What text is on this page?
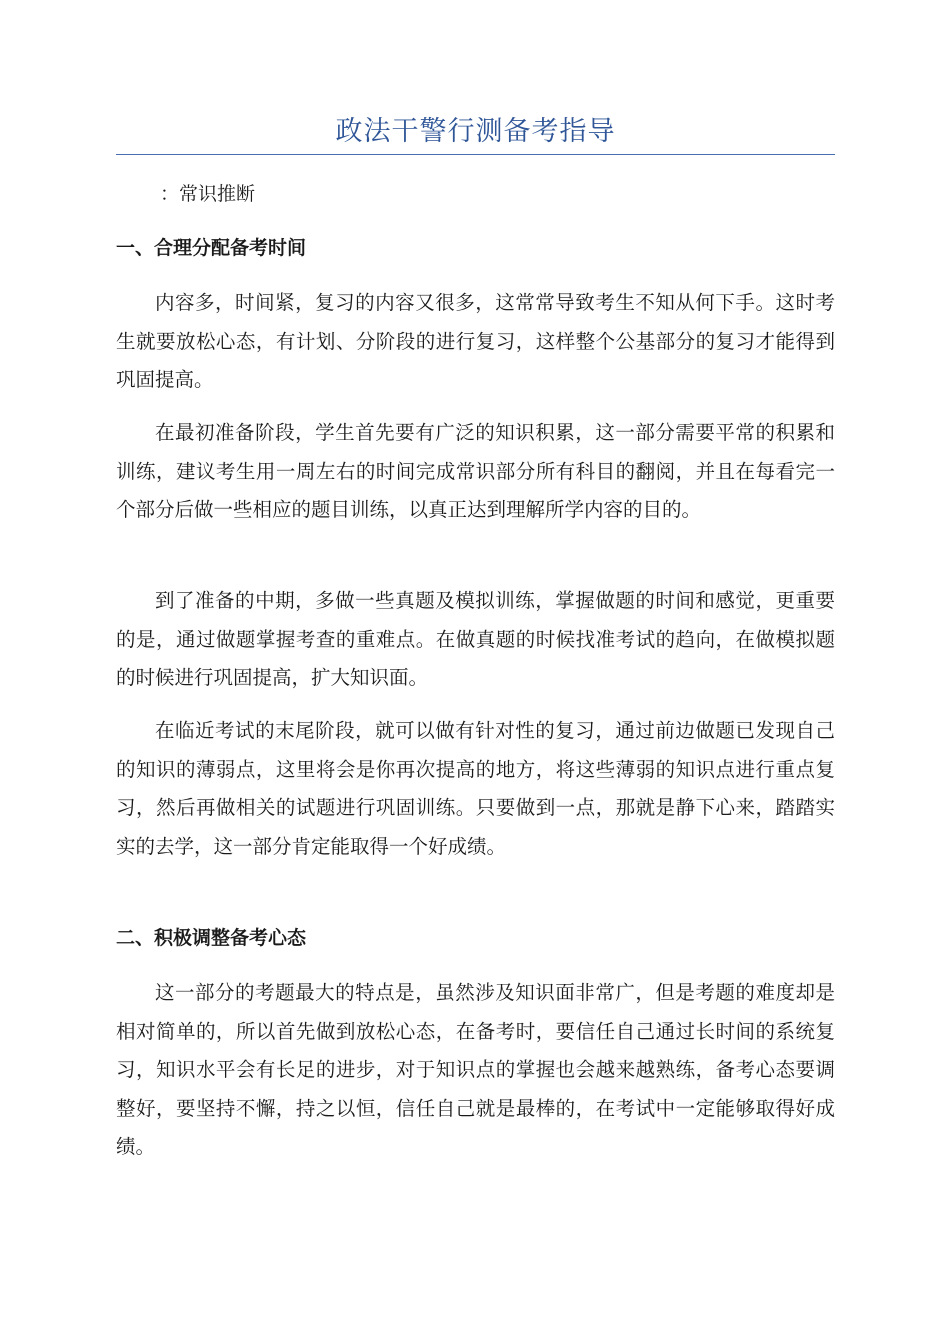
政法干警行测备考指导
：常识推断
一、合理分配备考时间

内容多，时间紧，复习的内容又很多，这常常导致考生不知从何下手。这时考生就要放松心态，有计划、分阶段的进行复习，这样整个公基部分的复习才能得到巩固提高。

在最初准备阶段，学生首先要有广泛的知识积累，这一部分需要平常的积累和训练，建议考生用一周左右的时间完成常识部分所有科目的翻阅，并且在每看完一个部分后做一些相应的题目训练，以真正达到理解所学内容的目的。

到了准备的中期，多做一些真题及模拟训练，掌握做题的时间和感觉，更重要的是，通过做题掌握考查的重难点。在做真题的时候找准考试的趋向，在做模拟题的时候进行巩固提高，扩大知识面。

在临近考试的末尾阶段，就可以做有针对性的复习，通过前边做题已发现自己的知识的薄弱点，这里将会是你再次提高的地方，将这些薄弱的知识点进行重点复习，然后再做相关的试题进行巩固训练。只要做到一点，那就是静下心来，踏踏实实的去学，这一部分肯定能取得一个好成绩。

二、积极调整备考心态

这一部分的考题最大的特点是，虽然涉及知识面非常广，但是考题的难度却是相对简单的，所以首先做到放松心态，在备考时，要信任自己通过长时间的系统复习，知识水平会有长足的进步，对于知识点的掌握也会越来越熟练，备考心态要调整好，要坚持不懈，持之以恒，信任自己就是最棒的，在考试中一定能够取得好成绩。
